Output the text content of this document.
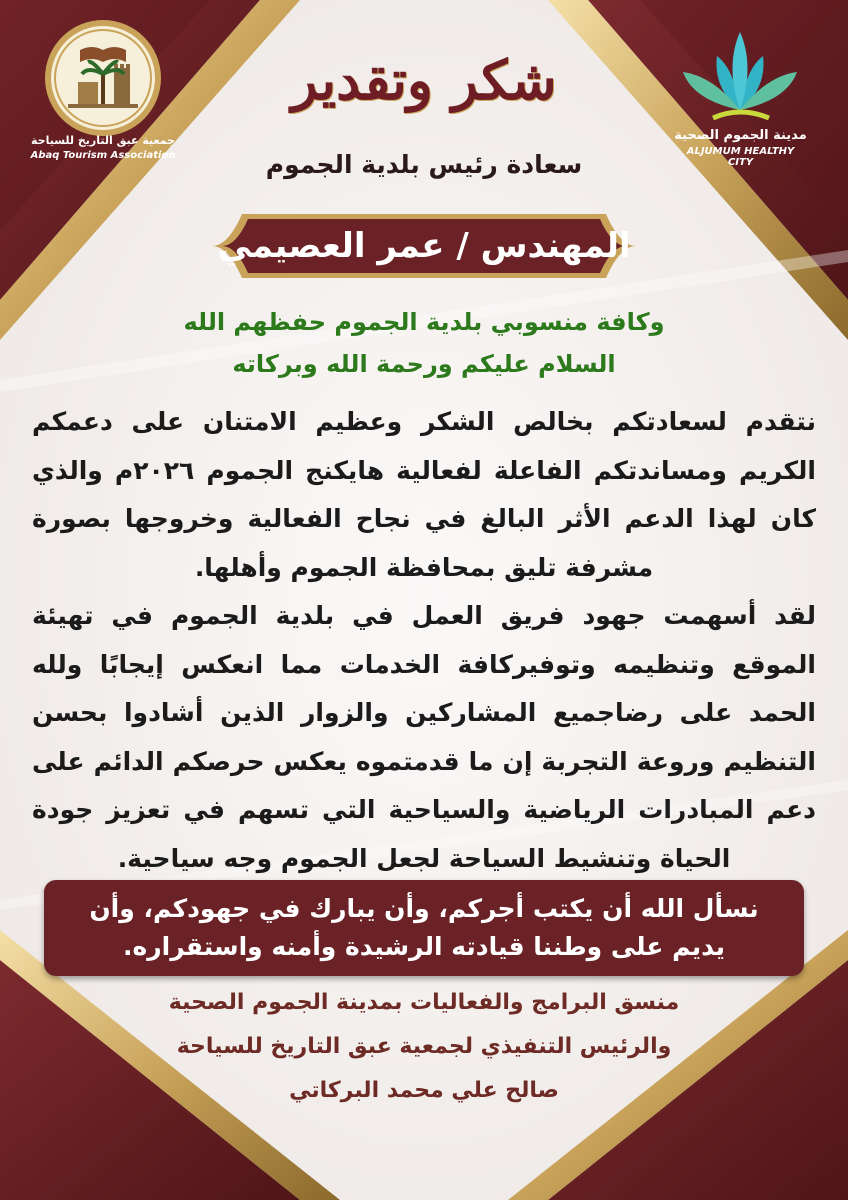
جمعية عبق التاريخ للسياحة
Abaq Tourism Association
مدينة الجموم الصحية
ALJUMUM HEALTHY CITY
شكر وتقدير
سعادة رئيس بلدية الجموم
المهندس / عمر العصيمي
وكافة منسوبي بلدية الجموم حفظهم الله
السلام عليكم ورحمة الله وبركاته

نتقدم لسعادتكم بخالص الشكر وعظيم الامتنان على دعمكم الكريم ومساندتكم الفاعلة لفعالية هايكنج الجموم ٢٠٢٦م والذي كان لهذا الدعم الأثر البالغ في نجاح الفعالية وخروجها بصورة مشرفة تليق بمحافظة الجموم وأهلها.

لقد أسهمت جهود فريق العمل في بلدية الجموم في تهيئة الموقع وتنظيمه وتوفيركافة الخدمات مما انعكس إيجابًا ولله الحمد على رضاجميع المشاركين والزوار الذين أشادوا بحسن التنظيم وروعة التجربة إن ما قدمتموه يعكس حرصكم الدائم على دعم المبادرات الرياضية والسياحية التي تسهم في تعزيز جودة الحياة وتنشيط السياحة لجعل الجموم وجه سياحية.

نسأل الله أن يكتب أجركم، وأن يبارك في جهودكم، وأن يديم على وطننا قيادته الرشيدة وأمنه واستقراره.
منسق البرامج والفعاليات بمدينة الجموم الصحية
والرئيس التنفيذي لجمعية عبق التاريخ للسياحة
صالح علي محمد البركاتي
